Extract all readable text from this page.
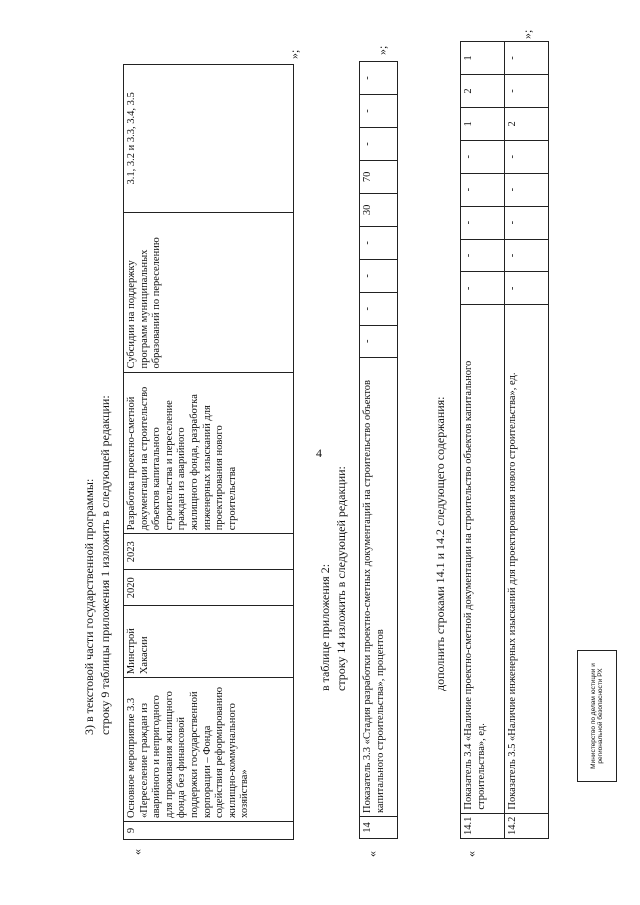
4
3) в текстовой части государственной программы: строку 9 таблицы приложения 1 изложить в следующей редакции:
«
9	Основное мероприятие 3.3 «Переселение граждан из аварийного и непригодного для проживания жилищного фонда без финансовой поддержки государственной корпорации – Фонда содействия реформированию жилищно-коммунального хозяйства»	Минстрой Хакасии	2020	2023	Разработка проектно-сметной документации на строительство объектов капитального строительства и переселение граждан из аварийного жилищного фонда, разработка инженерных изысканий для проектирования нового строительства	Субсидии на поддержку программ муниципальных образований по переселению	3.1, 3.2 и 3.3, 3.4, 3.5
»;
в таблице приложения 2: строку 14 изложить в следующей редакции:
«
14	Показатель 3.3 «Стадия разработки проектно-сметных документаций на строительство объектов капитального строительства», процентов	-	-	-	-	30	70	-	-	-
»;
дополнить строками 14.1 и 14.2 следующего содержания:
«
14.1	Показатель 3.4 «Наличие проектно-сметной документации на строительство объектов капитального строительства», ед.	-	-	-	-	-	1	2	1
14.2	Показатель 3.5 «Наличие инженерных изысканий для проектирования нового строительства», ед.	-	-	-	-	-	2	-	-
»;
Министерство по делам юстиции и региональной безопасности РХ
